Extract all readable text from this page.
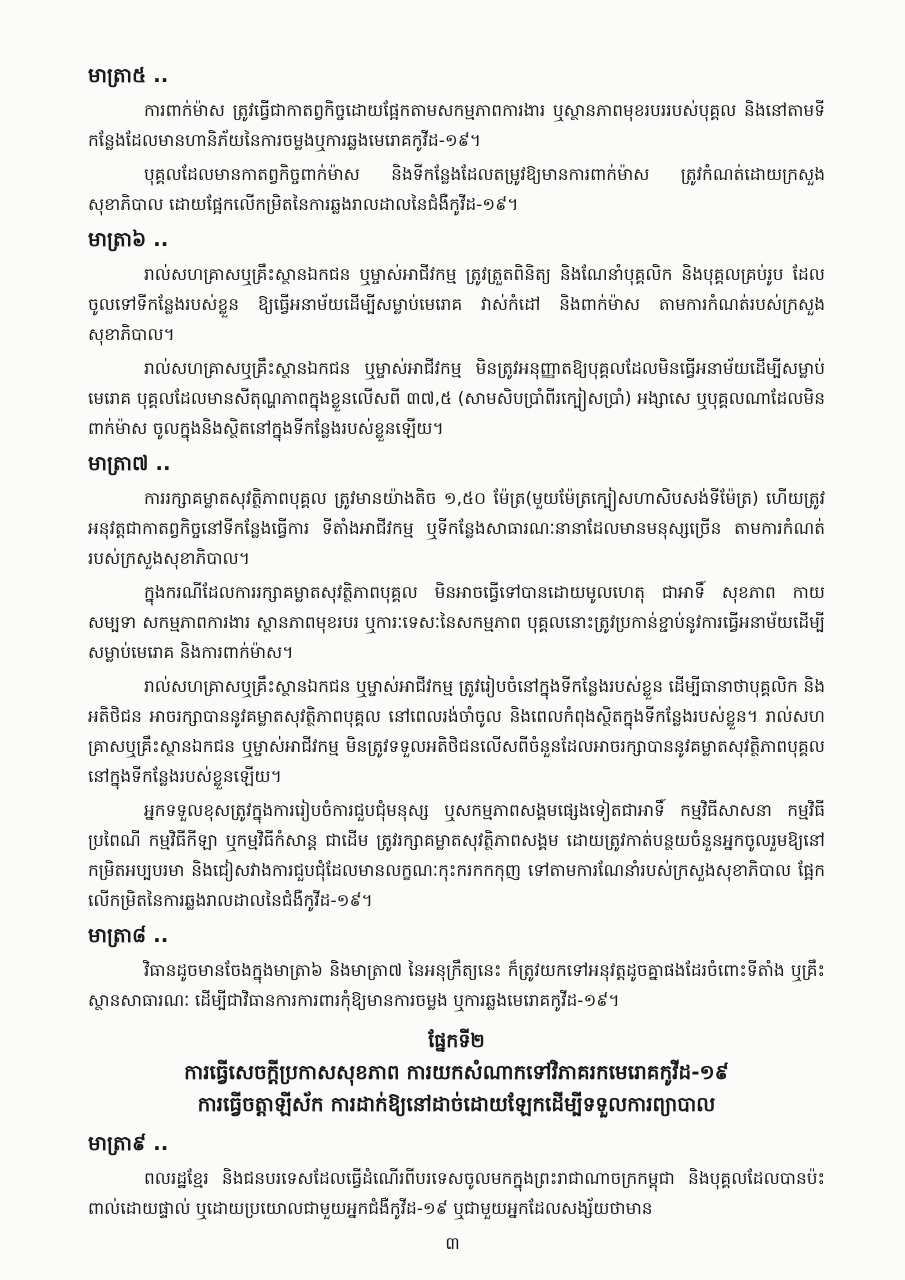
មាត្រា៥ ..

ការពាក់ម៉ាស ត្រូវធ្វើជាកាតព្វកិច្ចដោយផ្អែកតាមសកម្មភាពការងារ ឬស្ថានភាពមុខរបររបស់បុគ្គល និងនៅតាមទីកន្លែងដែលមានហានិភ័យនៃការចម្លងឬការឆ្លងមេរោគកូវីដ-១៩។

បុគ្គលដែលមានកាតព្វកិច្ចពាក់ម៉ាស និងទីកន្លែងដែលតម្រូវឱ្យមានការពាក់ម៉ាស ត្រូវកំណត់ដោយក្រសួងសុខាភិបាល ដោយផ្អែកលើកម្រិតនៃការឆ្លងរាលដាលនៃជំងឺកូវីដ-១៩។

មាត្រា៦ ..

រាល់សហគ្រាសឬគ្រឹះស្ថានឯកជន ឬម្ចាស់អាជីវកម្ម ត្រូវត្រួតពិនិត្យ និងណែនាំបុគ្គលិក និងបុគ្គលគ្រប់រូប ដែលចូលទៅទីកន្លែងរបស់ខ្លួន ឱ្យធ្វើអនាម័យដើម្បីសម្លាប់មេរោគ វាស់កំដៅ និងពាក់ម៉ាស តាមការកំណត់របស់ក្រសួងសុខាភិបាល។

រាល់សហគ្រាសឬគ្រឹះស្ថានឯកជន ឬម្ចាស់អាជីវកម្ម មិនត្រូវអនុញ្ញាតឱ្យបុគ្គលដែលមិនធ្វើអនាម័យដើម្បីសម្លាប់មេរោគ បុគ្គលដែលមានសីតុណ្ហភាពក្នុងខ្លួនលើសពី ៣៧,៥ (សាមសិបប្រាំពីរក្បៀសប្រាំ) អង្សាសេ ឬបុគ្គលណាដែលមិនពាក់ម៉ាស ចូលក្នុងនិងស្ថិតនៅក្នុងទីកន្លែងរបស់ខ្លួនឡើយ។

មាត្រា៧ ..

ការរក្សាគម្លាតសុវត្ថិភាពបុគ្គល ត្រូវមានយ៉ាងតិច ១,៥០ ម៉ែត្រ(មួយម៉ែត្រក្បៀសហាសិបសង់ទីម៉ែត្រ) ហើយត្រូវអនុវត្តជាកាតព្វកិច្ចនៅទីកន្លែងធ្វើការ ទីតាំងអាជីវកម្ម ឬទីកន្លែងសាធារណៈនានាដែលមានមនុស្សច្រើន តាមការកំណត់របស់ក្រសួងសុខាភិបាល។

ក្នុងករណីដែលការរក្សាគម្លាតសុវត្ថិភាពបុគ្គល មិនអាចធ្វើទៅបានដោយមូលហេតុ ជាអាទិ៍ សុខភាព កាយសម្បទា សកម្មភាពការងារ ស្ថានភាពមុខរបរ ឬការៈទេសៈនៃសកម្មភាព បុគ្គលនោះត្រូវប្រកាន់ខ្ជាប់នូវការធ្វើអនាម័យដើម្បីសម្លាប់មេរោគ និងការពាក់ម៉ាស។

រាល់សហគ្រាសឬគ្រឹះស្ថានឯកជន ឬម្ចាស់អាជីវកម្ម ត្រូវរៀបចំនៅក្នុងទីកន្លែងរបស់ខ្លួន ដើម្បីធានាថាបុគ្គលិក និងអតិថិជន អាចរក្សាបាននូវគម្លាតសុវត្ថិភាពបុគ្គល នៅពេលរង់ចាំចូល និងពេលកំពុងស្ថិតក្នុងទីកន្លែងរបស់ខ្លួន។ រាល់សហគ្រាសឬគ្រឹះស្ថានឯកជន ឬម្ចាស់អាជីវកម្ម មិនត្រូវទទួលអតិថិជនលើសពីចំនួនដែលអាចរក្សាបាននូវគម្លាតសុវត្ថិភាពបុគ្គលនៅក្នុងទីកន្លែងរបស់ខ្លួនឡើយ។

អ្នកទទួលខុសត្រូវក្នុងការរៀបចំការជួបជុំមនុស្ស ឬសកម្មភាពសង្គមផ្សេងទៀតជាអាទិ៍ កម្មវិធីសាសនា កម្មវិធីប្រពៃណី កម្មវិធីកីឡា ឬកម្មវិធីកំសាន្ត ជាដើម ត្រូវរក្សាគម្លាតសុវត្ថិភាពសង្គម ដោយត្រូវកាត់បន្ថយចំនួនអ្នកចូលរួមឱ្យនៅកម្រិតអប្បបរមា និងជៀសវាងការជួបជុំដែលមានលក្ខណៈកុះករកកកុញ ទៅតាមការណែនាំរបស់ក្រសួងសុខាភិបាល ផ្អែកលើកម្រិតនៃការឆ្លងរាលដាលនៃជំងឺកូវីដ-១៩។

មាត្រា៨ ..

វិធានដូចមានចែងក្នុងមាត្រា៦ និងមាត្រា៧ នៃអនុក្រឹត្យនេះ ក៏ត្រូវយកទៅអនុវត្តដូចគ្នាផងដែរចំពោះទីតាំង ឬគ្រឹះស្ថានសាធារណៈ ដើម្បីជាវិធានការការពារកុំឱ្យមានការចម្លង ឬការឆ្លងមេរោគកូវីដ-១៩។

ផ្នែកទី២
ការធ្វើសេចក្ដីប្រកាសសុខភាព ការយកសំណាកទៅវិភាគរកមេរោគកូវីដ-១៩
ការធ្វើចត្តាឡីស័ក ការដាក់ឱ្យនៅដាច់ដោយឡែកដើម្បីទទួលការព្យាបាល
មាត្រា៩ ..

ពលរដ្ឋខ្មែរ និងជនបរទេសដែលធ្វើដំណើរពីបរទេសចូលមកក្នុងព្រះរាជាណាចក្រកម្ពុជា និងបុគ្គលដែលបានប៉ះពាល់ដោយផ្ទាល់ ឬដោយប្រយោលជាមួយអ្នកជំងឺកូវីដ-១៩ ឬជាមួយអ្នកដែលសង្ស័យថាមាន

៣
